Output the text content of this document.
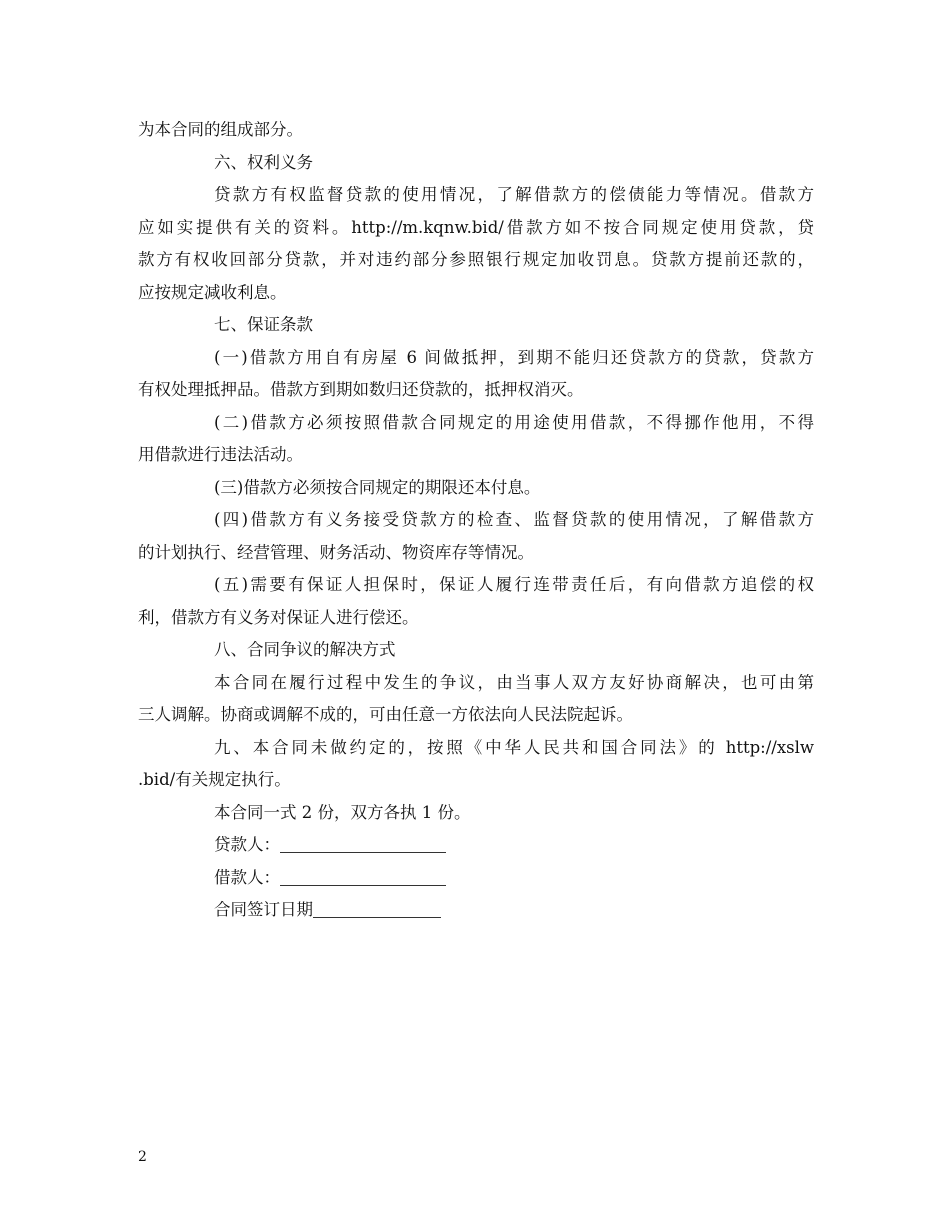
为本合同的组成部分。
六、权利义务
贷款方有权监督贷款的使用情况，了解借款方的偿债能力等情况。借款方
应如实提供有关的资料。http://m.kqnw.bid/借款方如不按合同规定使用贷款，贷
款方有权收回部分贷款，并对违约部分参照银行规定加收罚息。贷款方提前还款的，
应按规定减收利息。
七、保证条款
(一)借款方用自有房屋 6 间做抵押，到期不能归还贷款方的贷款，贷款方
有权处理抵押品。借款方到期如数归还贷款的，抵押权消灭。
(二)借款方必须按照借款合同规定的用途使用借款，不得挪作他用，不得
用借款进行违法活动。
(三)借款方必须按合同规定的期限还本付息。
(四)借款方有义务接受贷款方的检查、监督贷款的使用情况，了解借款方
的计划执行、经营管理、财务活动、物资库存等情况。
(五)需要有保证人担保时，保证人履行连带责任后，有向借款方追偿的权
利，借款方有义务对保证人进行偿还。
八、合同争议的解决方式
本合同在履行过程中发生的争议，由当事人双方友好协商解决，也可由第
三人调解。协商或调解不成的，可由任意一方依法向人民法院起诉。
九、本合同未做约定的，按照《中华人民共和国合同法》的 http://xslw
.bid/有关规定执行。
本合同一式 2 份，双方各执 1 份。
贷款人：
借款人：
合同签订日期
2
